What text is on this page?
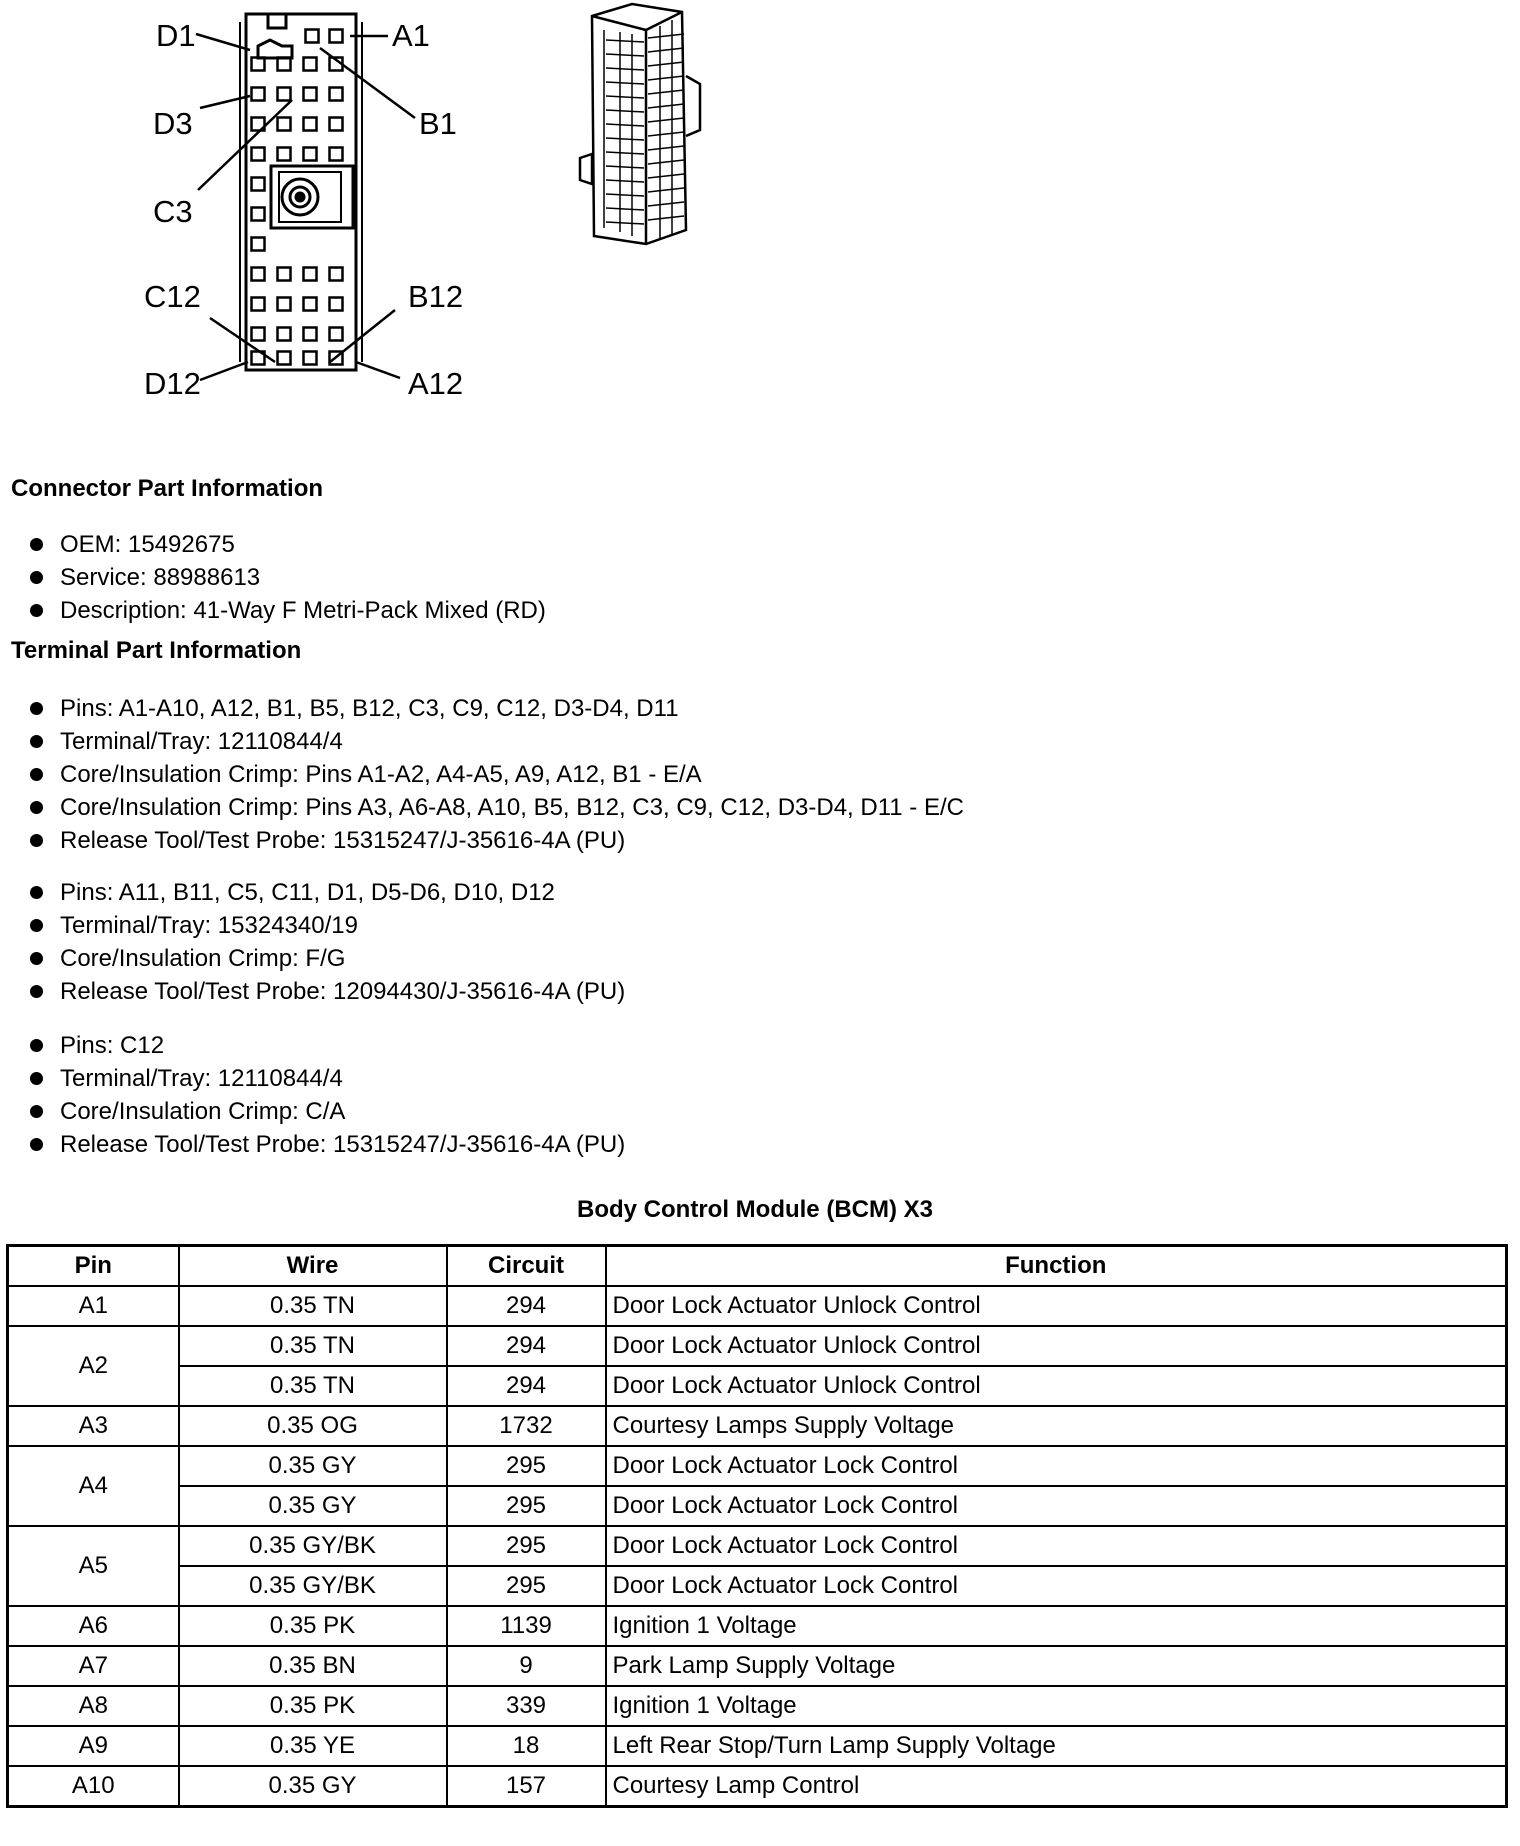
D1	A1
D3	B1
C3
C12	B12
D12	A12
Connector Part Information
OEM: 15492675
Service: 88988613
Description: 41-Way F Metri-Pack Mixed (RD)
Terminal Part Information
Pins: A1-A10, A12, B1, B5, B12, C3, C9, C12, D3-D4, D11
Terminal/Tray: 12110844/4
Core/Insulation Crimp: Pins A1-A2, A4-A5, A9, A12, B1 - E/A
Core/Insulation Crimp: Pins A3, A6-A8, A10, B5, B12, C3, C9, C12, D3-D4, D11 - E/C
Release Tool/Test Probe: 15315247/J-35616-4A (PU)
Pins: A11, B11, C5, C11, D1, D5-D6, D10, D12
Terminal/Tray: 15324340/19
Core/Insulation Crimp: F/G
Release Tool/Test Probe: 12094430/J-35616-4A (PU)
Pins: C12
Terminal/Tray: 12110844/4
Core/Insulation Crimp: C/A
Release Tool/Test Probe: 15315247/J-35616-4A (PU)
Body Control Module (BCM) X3
Pin	Wire	Circuit	Function
A1	0.35 TN	294	Door Lock Actuator Unlock Control
A2	0.35 TN	294	Door Lock Actuator Unlock Control
	0.35 TN	294	Door Lock Actuator Unlock Control
A3	0.35 OG	1732	Courtesy Lamps Supply Voltage
A4	0.35 GY	295	Door Lock Actuator Lock Control
	0.35 GY	295	Door Lock Actuator Lock Control
A5	0.35 GY/BK	295	Door Lock Actuator Lock Control
	0.35 GY/BK	295	Door Lock Actuator Lock Control
A6	0.35 PK	1139	Ignition 1 Voltage
A7	0.35 BN	9	Park Lamp Supply Voltage
A8	0.35 PK	339	Ignition 1 Voltage
A9	0.35 YE	18	Left Rear Stop/Turn Lamp Supply Voltage
A10	0.35 GY	157	Courtesy Lamp Control
